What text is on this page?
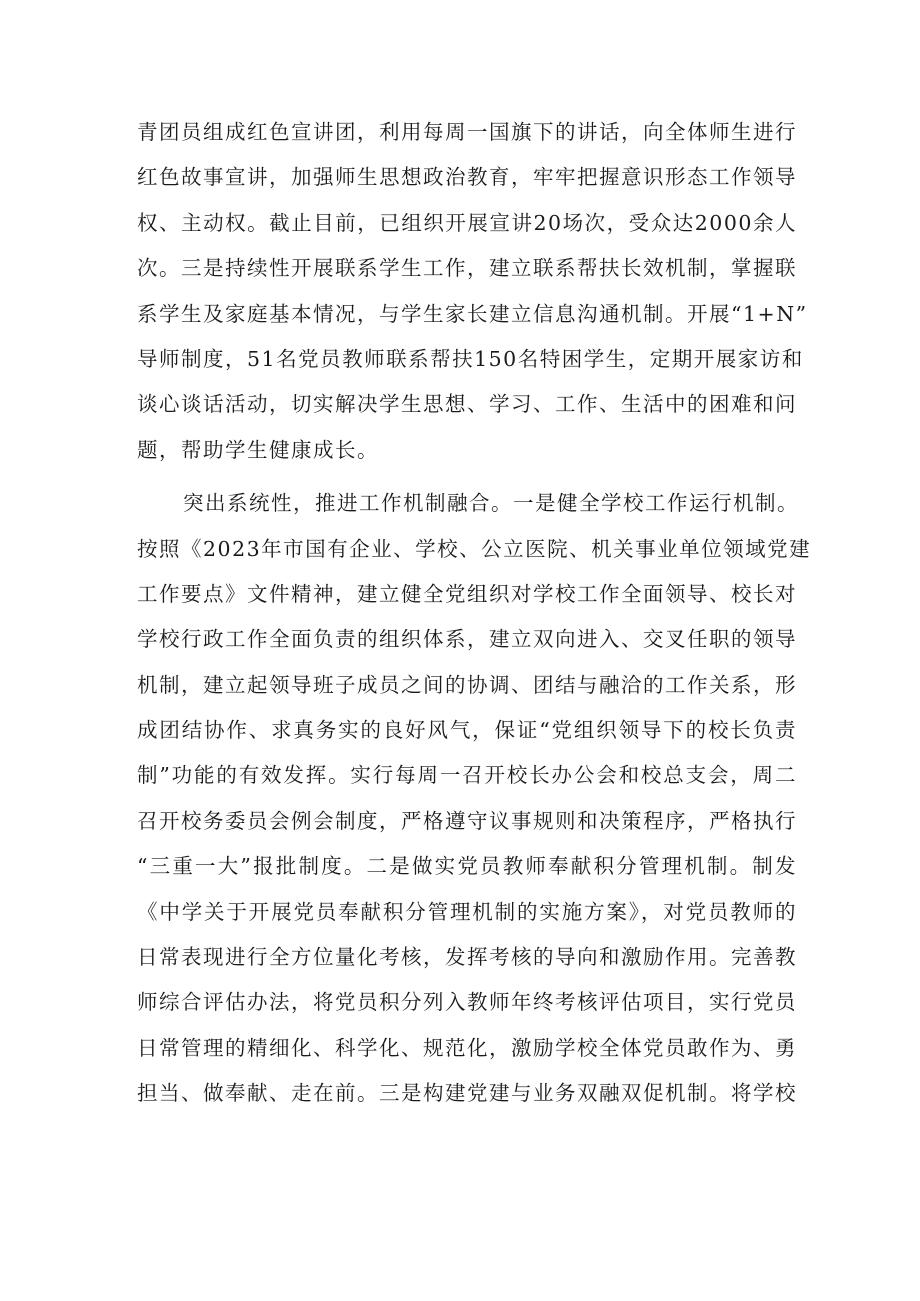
青团员组成红色宣讲团，利用每周一国旗下的讲话，向全体师生进行
红色故事宣讲，加强师生思想政治教育，牢牢把握意识形态工作领导
权、主动权。截止目前，已组织开展宣讲20场次，受众达2000余人
次。三是持续性开展联系学生工作，建立联系帮扶长效机制，掌握联
系学生及家庭基本情况，与学生家长建立信息沟通机制。开展“1+N”
导师制度，51名党员教师联系帮扶150名特困学生，定期开展家访和
谈心谈话活动，切实解决学生思想、学习、工作、生活中的困难和问
题，帮助学生健康成长。
突出系统性，推进工作机制融合。一是健全学校工作运行机制。
按照《2023年市国有企业、学校、公立医院、机关事业单位领域党建
工作要点》文件精神，建立健全党组织对学校工作全面领导、校长对
学校行政工作全面负责的组织体系，建立双向进入、交叉任职的领导
机制，建立起领导班子成员之间的协调、团结与融洽的工作关系，形
成团结协作、求真务实的良好风气，保证“党组织领导下的校长负责
制”功能的有效发挥。实行每周一召开校长办公会和校总支会，周二
召开校务委员会例会制度，严格遵守议事规则和决策程序，严格执行
“三重一大”报批制度。二是做实党员教师奉献积分管理机制。制发
《中学关于开展党员奉献积分管理机制的实施方案》，对党员教师的
日常表现进行全方位量化考核，发挥考核的导向和激励作用。完善教
师综合评估办法，将党员积分列入教师年终考核评估项目，实行党员
日常管理的精细化、科学化、规范化，激励学校全体党员敢作为、勇
担当、做奉献、走在前。三是构建党建与业务双融双促机制。将学校
